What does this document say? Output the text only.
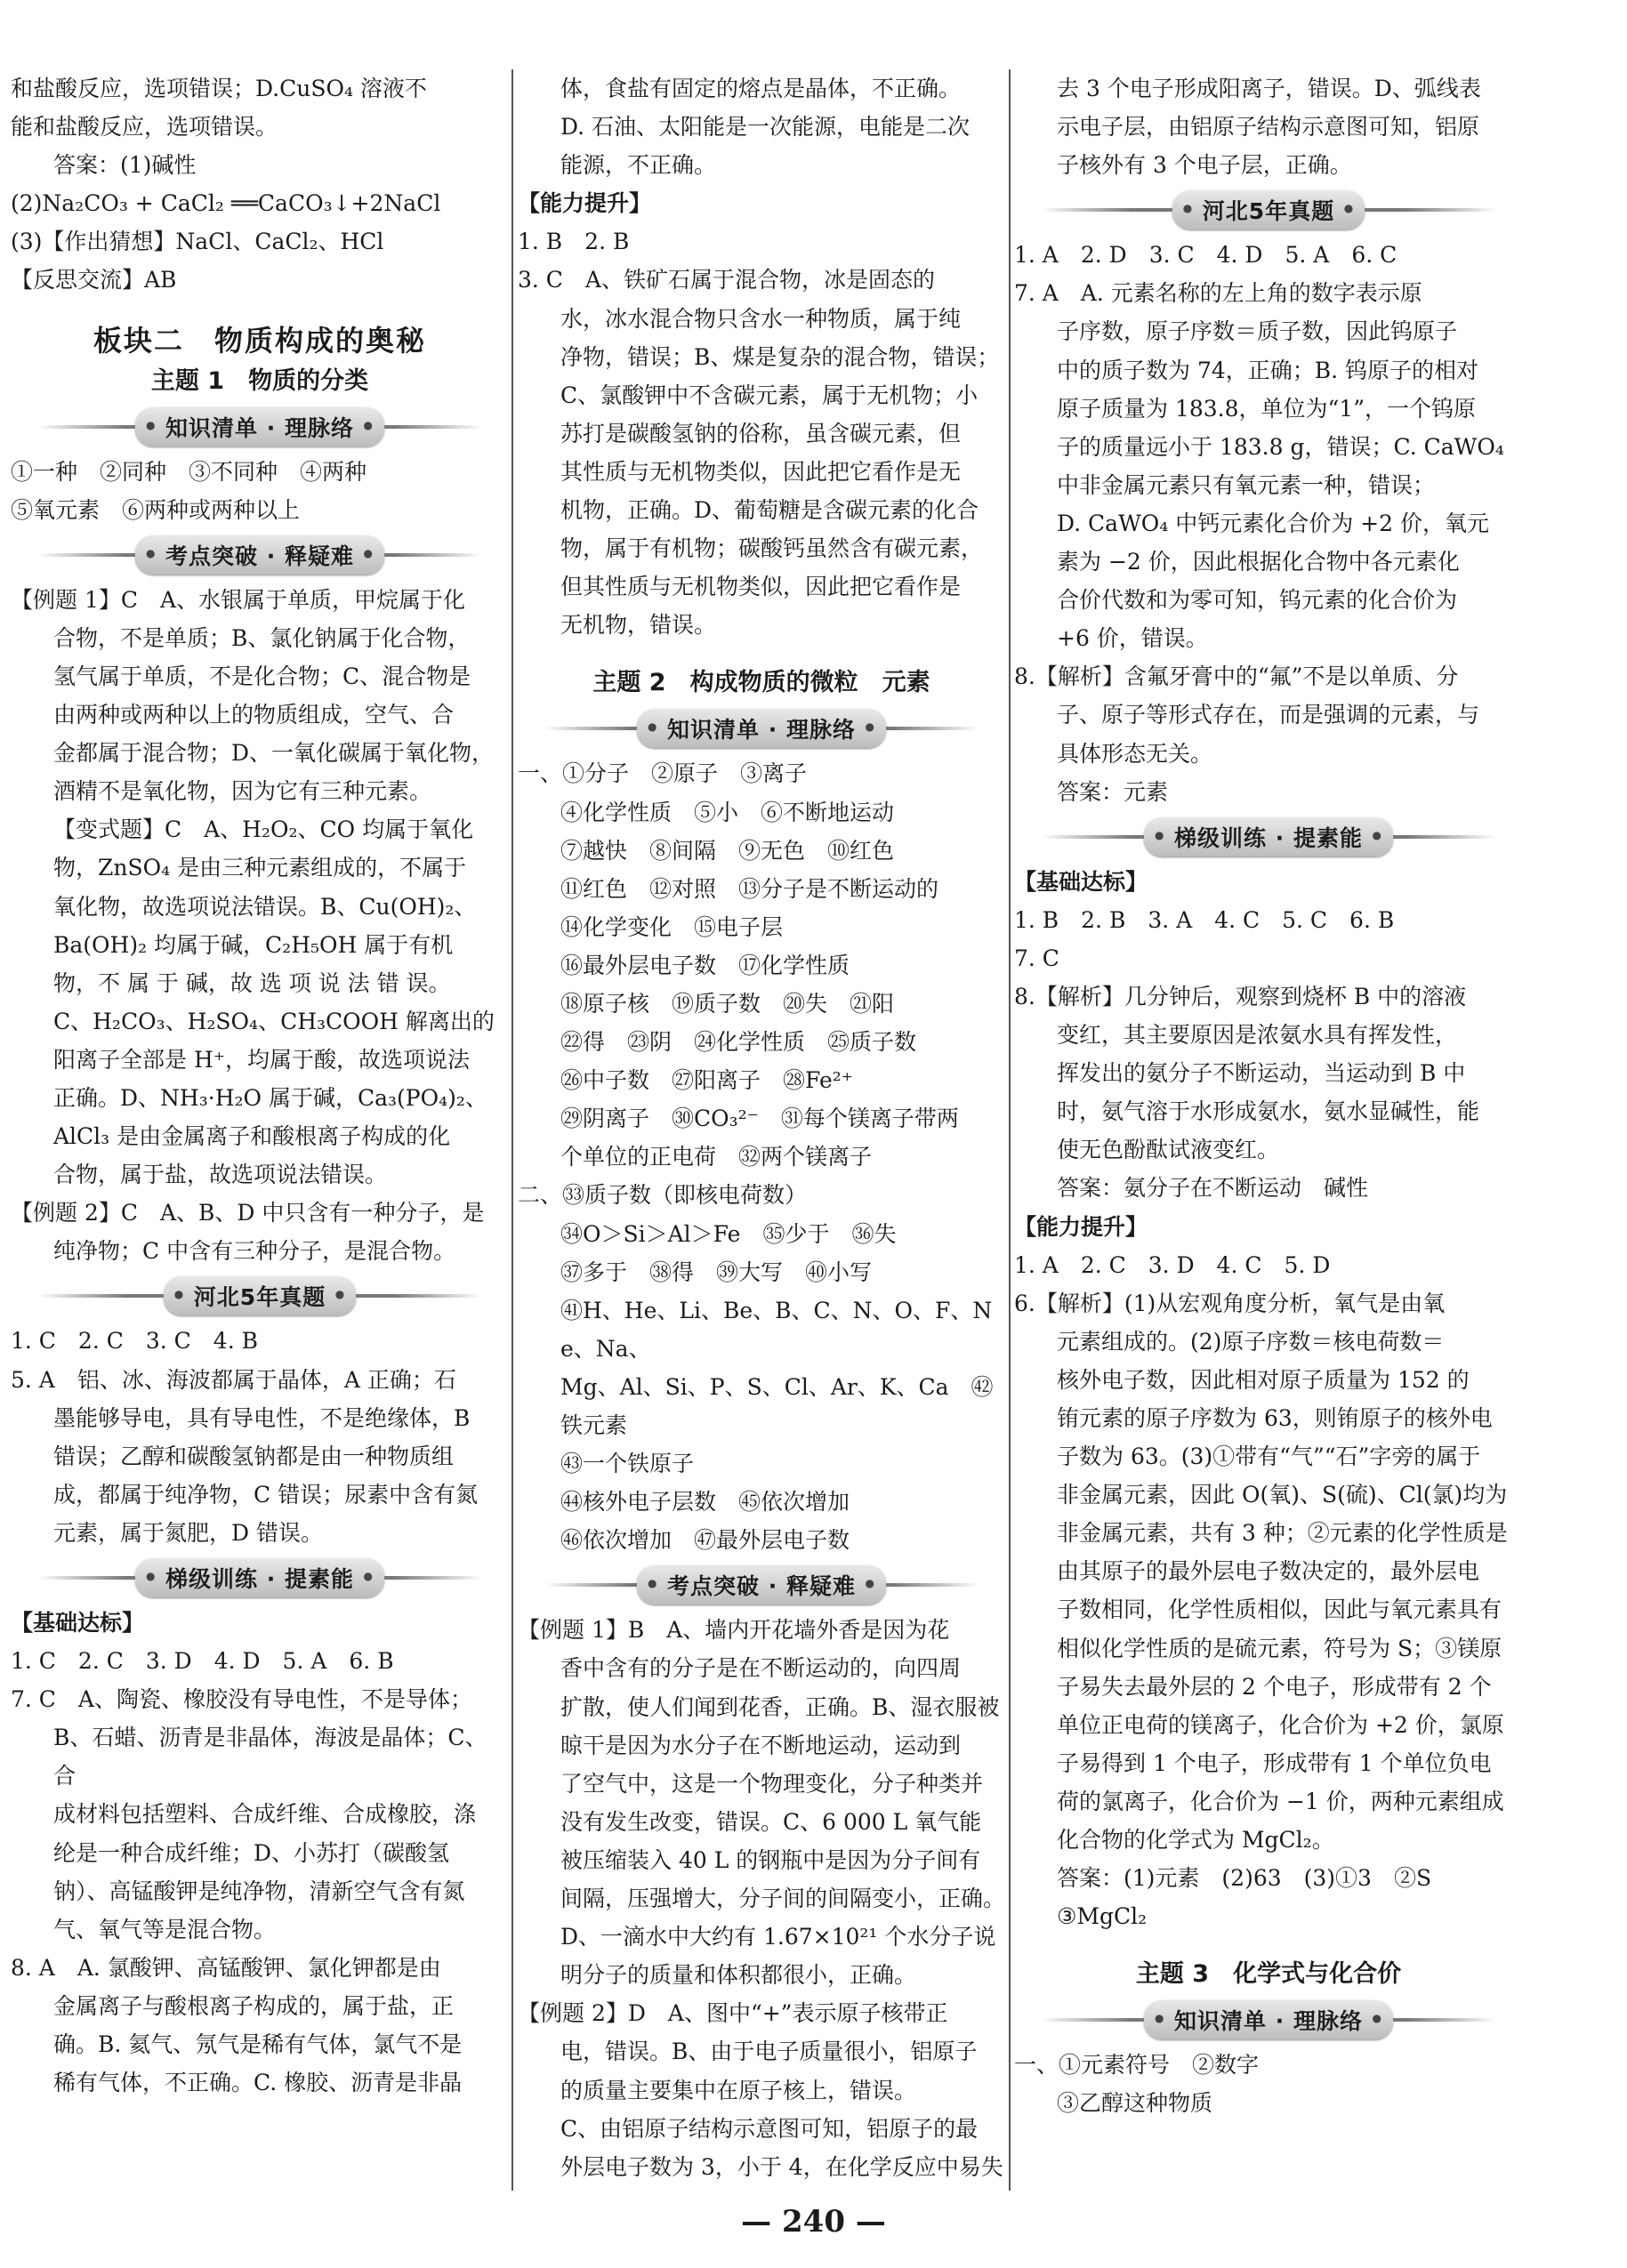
和盐酸反应，选项错误；D.CuSO₄ 溶液不
能和盐酸反应，选项错误。
答案：(1)碱性
(2)Na₂CO₃ + CaCl₂ ══CaCO₃↓+2NaCl
(3)【作出猜想】NaCl、CaCl₂、HCl
【反思交流】AB
板块二　物质构成的奥秘
主题 1　物质的分类
● 知识清单 · 理脉络 ●
①一种　②同种　③不同种　④两种
⑤氧元素　⑥两种或两种以上
● 考点突破 · 释疑难 ●
【例题 1】C　A、水银属于单质，甲烷属于化
合物，不是单质；B、氯化钠属于化合物，
氢气属于单质，不是化合物；C、混合物是
由两种或两种以上的物质组成，空气、合
金都属于混合物；D、一氧化碳属于氧化物，
酒精不是氧化物，因为它有三种元素。
【变式题】C　A、H₂O₂、CO 均属于氧化
物，ZnSO₄ 是由三种元素组成的，不属于
氧化物，故选项说法错误。B、Cu(OH)₂、
Ba(OH)₂ 均属于碱，C₂H₅OH 属于有机
物，不 属 于 碱，故 选 项 说 法 错 误。
C、H₂CO₃、H₂SO₄、CH₃COOH 解离出的
阳离子全部是 H⁺，均属于酸，故选项说法
正确。D、NH₃·H₂O 属于碱，Ca₃(PO₄)₂、
AlCl₃ 是由金属离子和酸根离子构成的化
合物，属于盐，故选项说法错误。
【例题 2】C　A、B、D 中只含有一种分子，是
纯净物；C 中含有三种分子，是混合物。
● 河北5年真题 ●
1. C　2. C　3. C　4. B
5. A　铝、冰、海波都属于晶体，A 正确；石
墨能够导电，具有导电性，不是绝缘体，B
错误；乙醇和碳酸氢钠都是由一种物质组
成，都属于纯净物，C 错误；尿素中含有氮
元素，属于氮肥，D 错误。
● 梯级训练 · 提素能 ●
【基础达标】
1. C　2. C　3. D　4. D　5. A　6. B
7. C　A、陶瓷、橡胶没有导电性，不是导体；
B、石蜡、沥青是非晶体，海波是晶体；C、合
成材料包括塑料、合成纤维、合成橡胶，涤
纶是一种合成纤维；D、小苏打（碳酸氢
钠）、高锰酸钾是纯净物，清新空气含有氮
气、氧气等是混合物。
8. A　A. 氯酸钾、高锰酸钾、氯化钾都是由
金属离子与酸根离子构成的，属于盐，正
确。B. 氦气、氖气是稀有气体，氯气不是
稀有气体，不正确。C. 橡胶、沥青是非晶
体，食盐有固定的熔点是晶体，不正确。
D. 石油、太阳能是一次能源，电能是二次
能源，不正确。
【能力提升】
1. B　2. B
3. C　A、铁矿石属于混合物，冰是固态的
水，冰水混合物只含水一种物质，属于纯
净物，错误；B、煤是复杂的混合物，错误；
C、氯酸钾中不含碳元素，属于无机物；小
苏打是碳酸氢钠的俗称，虽含碳元素，但
其性质与无机物类似，因此把它看作是无
机物，正确。D、葡萄糖是含碳元素的化合
物，属于有机物；碳酸钙虽然含有碳元素，
但其性质与无机物类似，因此把它看作是
无机物，错误。
主题 2　构成物质的微粒　元素
● 知识清单 · 理脉络 ●
一、①分子　②原子　③离子
④化学性质　⑤小　⑥不断地运动
⑦越快　⑧间隔　⑨无色　⑩红色
⑪红色　⑫对照　⑬分子是不断运动的
⑭化学变化　⑮电子层
⑯最外层电子数　⑰化学性质
⑱原子核　⑲质子数　⑳失　㉑阳
㉒得　㉓阴　㉔化学性质　㉕质子数
㉖中子数　㉗阳离子　㉘Fe²⁺
㉙阴离子　㉚CO₃²⁻　㉛每个镁离子带两
个单位的正电荷　㉜两个镁离子
二、㉝质子数（即核电荷数）
㉞O＞Si＞Al＞Fe　㉟少于　㊱失
㊲多于　㊳得　㊴大写　㊵小写
㊶H、He、Li、Be、B、C、N、O、F、Ne、Na、
Mg、Al、Si、P、S、Cl、Ar、K、Ca　㊷铁元素
㊸一个铁原子
㊹核外电子层数　㊺依次增加
㊻依次增加　㊼最外层电子数
● 考点突破 · 释疑难 ●
【例题 1】B　A、墙内开花墙外香是因为花
香中含有的分子是在不断运动的，向四周
扩散，使人们闻到花香，正确。B、湿衣服被
晾干是因为水分子在不断地运动，运动到
了空气中，这是一个物理变化，分子种类并
没有发生改变，错误。C、6 000 L 氧气能
被压缩装入 40 L 的钢瓶中是因为分子间有
间隔，压强增大，分子间的间隔变小，正确。
D、一滴水中大约有 1.67×10²¹ 个水分子说
明分子的质量和体积都很小，正确。
【例题 2】D　A、图中“+”表示原子核带正
电，错误。B、由于电子质量很小，铝原子
的质量主要集中在原子核上，错误。
C、由铝原子结构示意图可知，铝原子的最
外层电子数为 3，小于 4，在化学反应中易失
去 3 个电子形成阳离子，错误。D、弧线表
示电子层，由铝原子结构示意图可知，铝原
子核外有 3 个电子层，正确。
● 河北5年真题 ●
1. A　2. D　3. C　4. D　5. A　6. C
7. A　A. 元素名称的左上角的数字表示原
子序数，原子序数＝质子数，因此钨原子
中的质子数为 74，正确；B. 钨原子的相对
原子质量为 183.8，单位为“1”，一个钨原
子的质量远小于 183.8 g，错误；C. CaWO₄
中非金属元素只有氧元素一种，错误；
D. CaWO₄ 中钙元素化合价为 +2 价，氧元
素为 −2 价，因此根据化合物中各元素化
合价代数和为零可知，钨元素的化合价为
+6 价，错误。
8.【解析】含氟牙膏中的“氟”不是以单质、分
子、原子等形式存在，而是强调的元素，与
具体形态无关。
答案：元素
● 梯级训练 · 提素能 ●
【基础达标】
1. B　2. B　3. A　4. C　5. C　6. B
7. C
8.【解析】几分钟后，观察到烧杯 B 中的溶液
变红，其主要原因是浓氨水具有挥发性，
挥发出的氨分子不断运动，当运动到 B 中
时，氨气溶于水形成氨水，氨水显碱性，能
使无色酚酞试液变红。
答案：氨分子在不断运动　碱性
【能力提升】
1. A　2. C　3. D　4. C　5. D
6.【解析】(1)从宏观角度分析，氧气是由氧
元素组成的。(2)原子序数＝核电荷数＝
核外电子数，因此相对原子质量为 152 的
铕元素的原子序数为 63，则铕原子的核外电
子数为 63。(3)①带有“气”“石”字旁的属于
非金属元素，因此 O(氧)、S(硫)、Cl(氯)均为
非金属元素，共有 3 种；②元素的化学性质是
由其原子的最外层电子数决定的，最外层电
子数相同，化学性质相似，因此与氧元素具有
相似化学性质的是硫元素，符号为 S；③镁原
子易失去最外层的 2 个电子，形成带有 2 个
单位正电荷的镁离子，化合价为 +2 价，氯原
子易得到 1 个电子，形成带有 1 个单位负电
荷的氯离子，化合价为 −1 价，两种元素组成
化合物的化学式为 MgCl₂。
答案：(1)元素　(2)63　(3)①3　②S
③MgCl₂
主题 3　化学式与化合价
● 知识清单 · 理脉络 ●
一、①元素符号　②数字
③乙醇这种物质
— 240 —
